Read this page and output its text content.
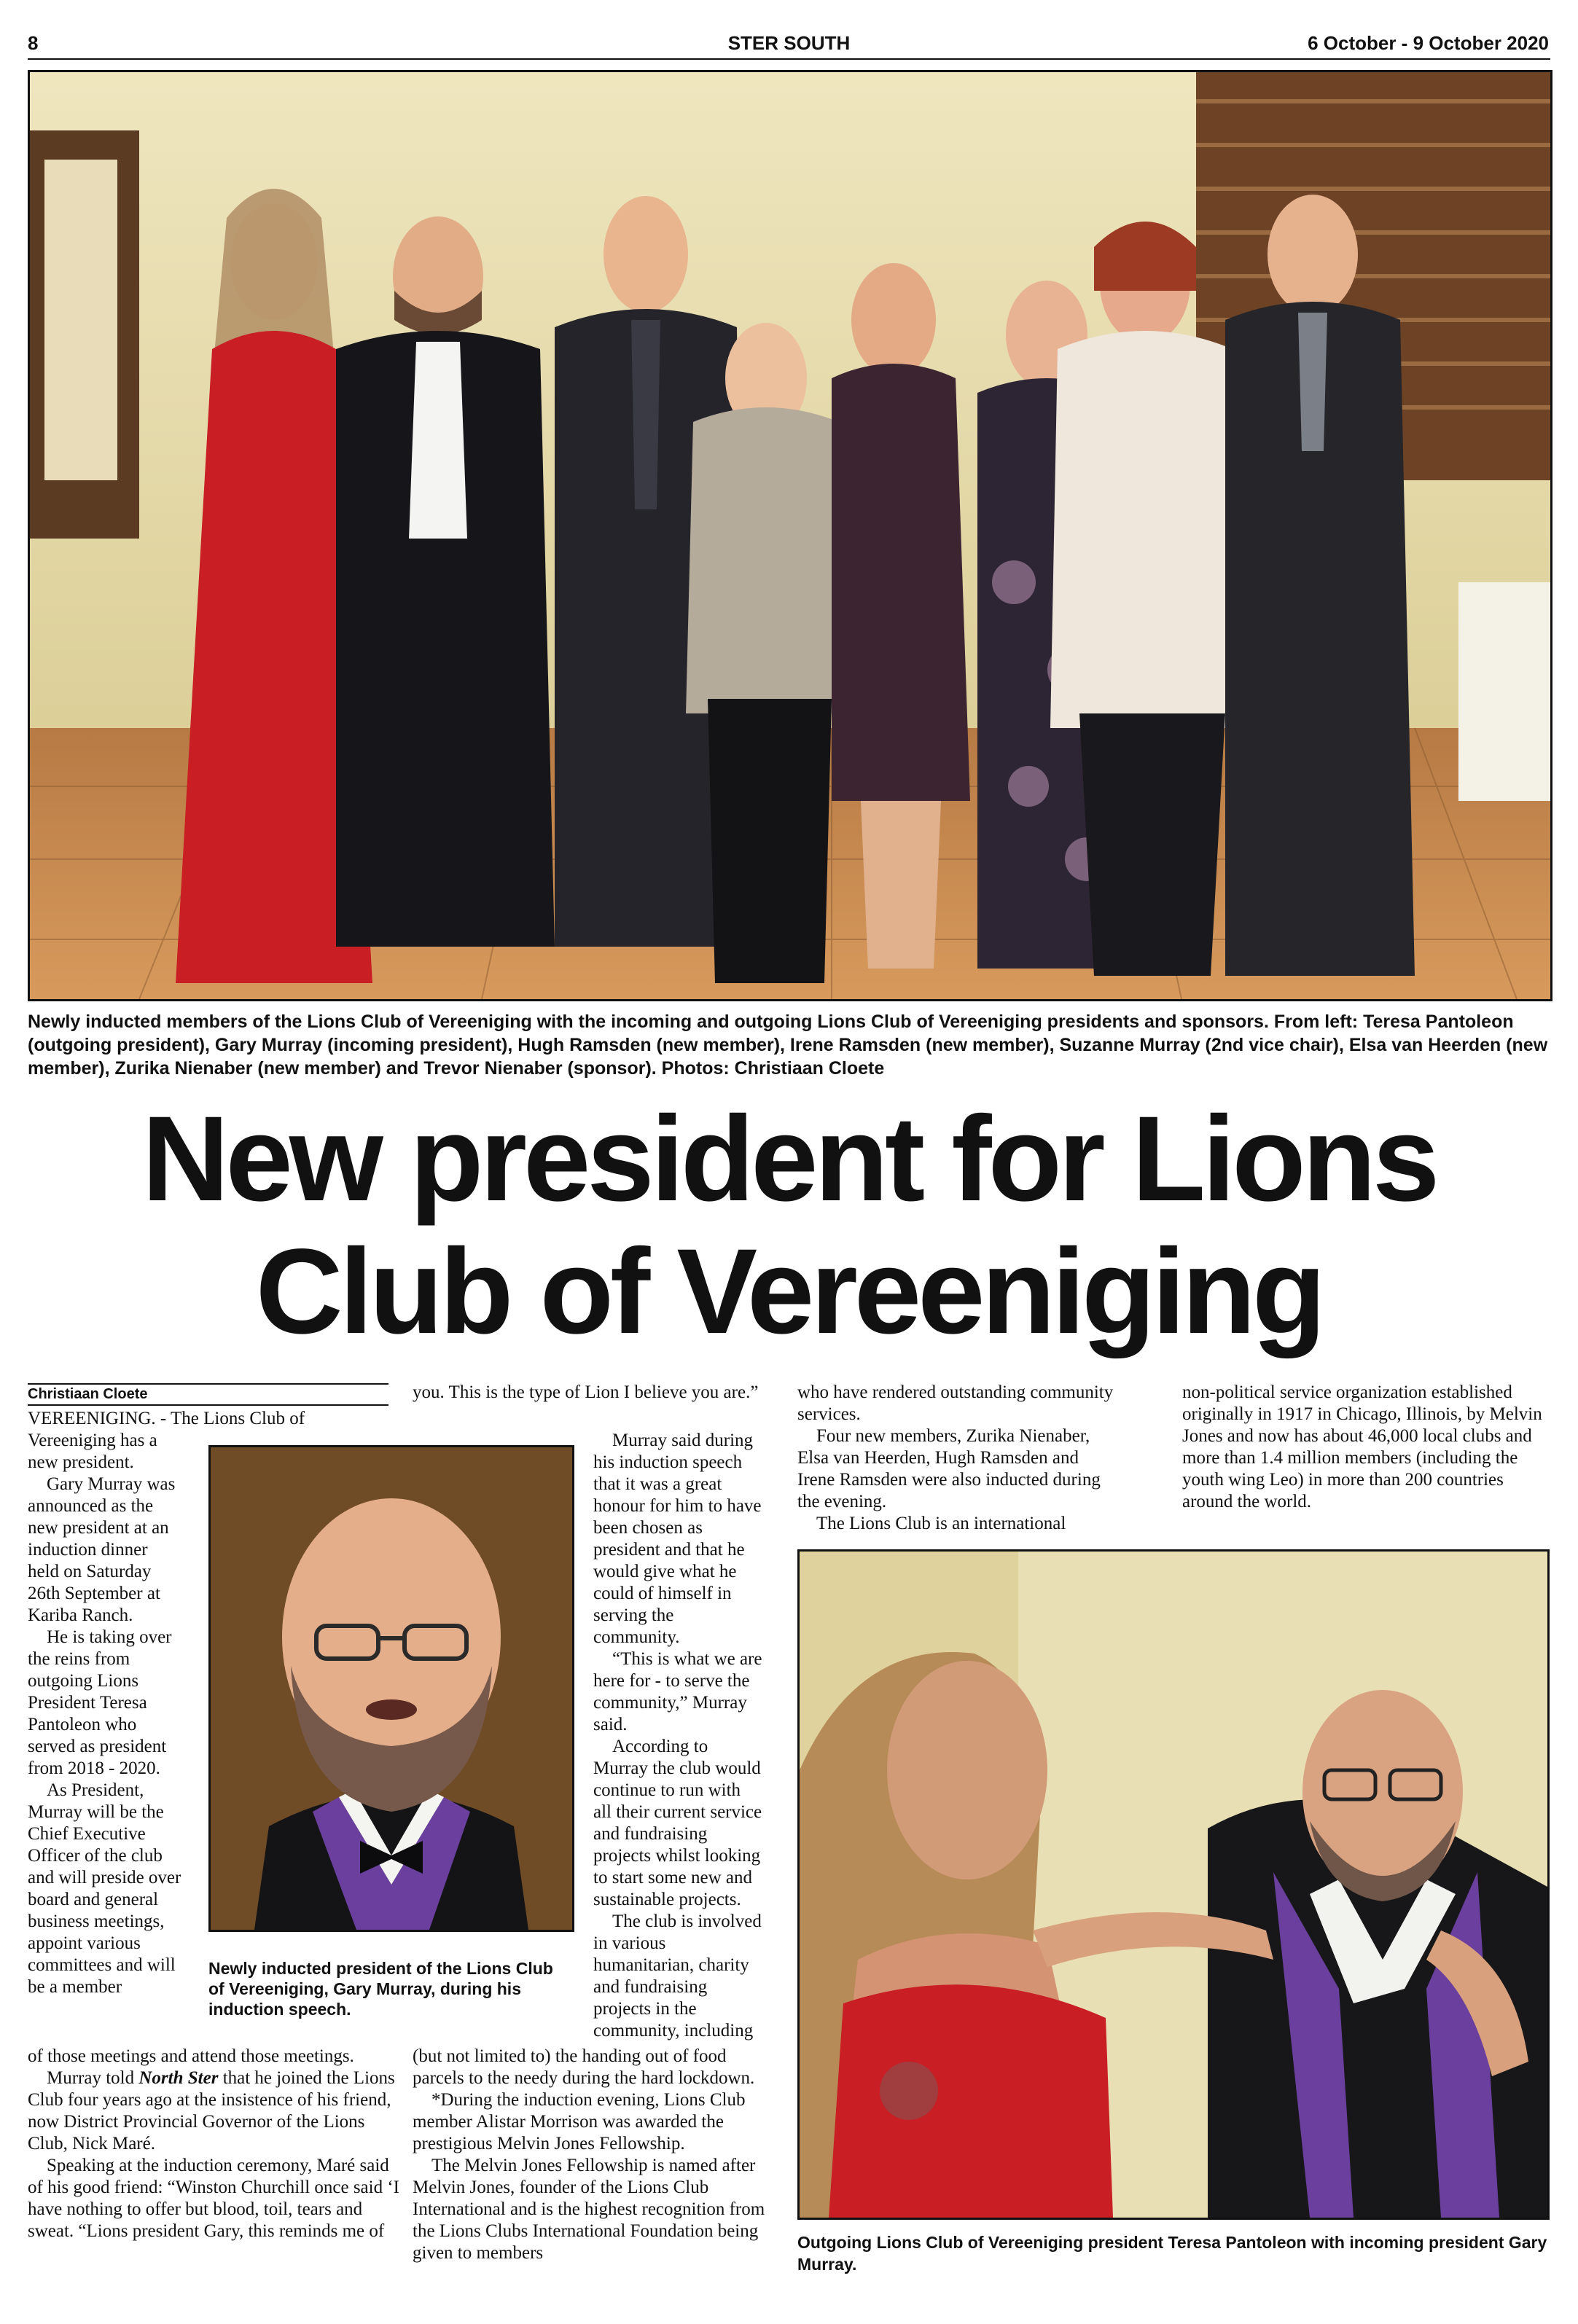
8	STER SOUTH	6 October - 9 October 2020
Newly inducted members of the Lions Club of Vereeniging with the incoming and outgoing Lions Club of Vereeniging presidents and sponsors. From left: Teresa Pantoleon (outgoing president), Gary Murray (incoming president), Hugh Ramsden (new member), Irene Ramsden (new member), Suzanne Murray (2nd vice chair), Elsa van Heerden (new member), Zurika Nienaber (new member) and Trevor Nienaber (sponsor). Photos: Christiaan Cloete
New president for Lions
Club of Vereeniging
Christiaan Cloete

VEREENIGING. - The Lions Club of

Vereeniging has a new president.

Gary Murray was announced as the new president at an induction dinner held on Saturday 26th September at Kariba Ranch.

He is taking over the reins from outgoing Lions President Teresa Pantoleon who served as president from 2018 - 2020.

As President, Murray will be the Chief Executive Officer of the club and will preside over board and general business meetings, appoint various committees and will be a member

of those meetings and attend those meetings.

Murray told North Ster that he joined the Lions Club four years ago at the insistence of his friend, now District Provincial Governor of the Lions Club, Nick Maré.

Speaking at the induction ceremony, Maré said of his good friend: “Winston Churchill once said ‘I have nothing to offer but blood, toil, tears and sweat. “Lions president Gary, this reminds me of

Newly inducted president of the Lions Club of Vereeniging, Gary Murray, during his induction speech.

you. This is the type of Lion I believe you are.”

Murray said during his induction speech that it was a great honour for him to have been chosen as president and that he would give what he could of himself in serving the community.

“This is what we are here for - to serve the community,” Murray said.

According to Murray the club would continue to run with all their current service and fundraising projects whilst looking to start some new and sustainable projects.

The club is involved in various humanitarian, charity and fundraising projects in the community, including

(but not limited to) the handing out of food parcels to the needy during the hard lockdown.

*During the induction evening, Lions Club member Alistar Morrison was awarded the prestigious Melvin Jones Fellowship.

The Melvin Jones Fellowship is named after Melvin Jones, founder of the Lions Club International and is the highest recognition from the Lions Clubs International Foundation being given to members

who have rendered outstanding community services.

Four new members, Zurika Nienaber, Elsa van Heerden, Hugh Ramsden and Irene Ramsden were also inducted during the evening.

The Lions Club is an international

non-political service organization established originally in 1917 in Chicago, Illinois, by Melvin Jones and now has about 46,000 local clubs and more than 1.4 million members (including the youth wing Leo) in more than 200 countries around the world.

Outgoing Lions Club of Vereeniging president Teresa Pantoleon with incoming president Gary Murray.
